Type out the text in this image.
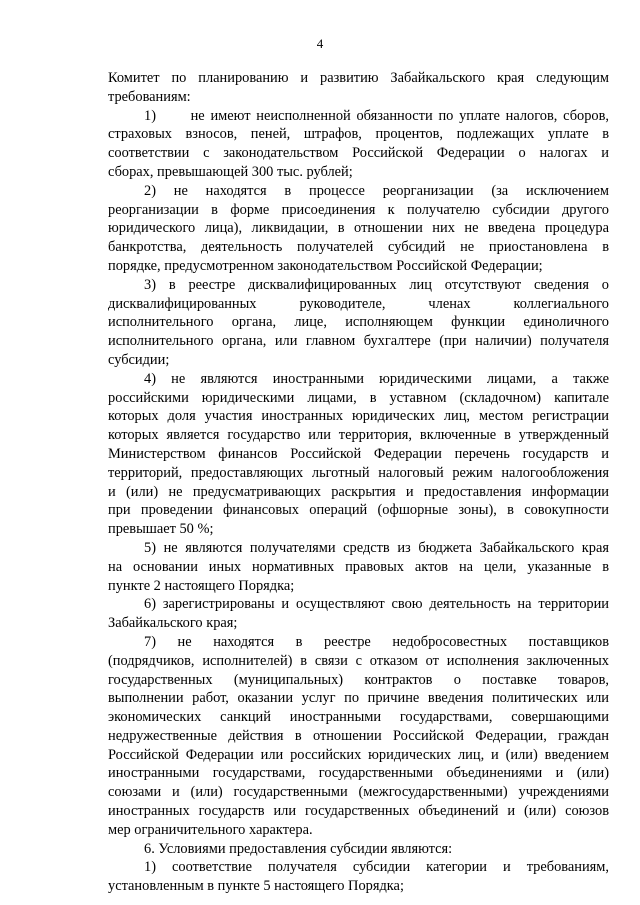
4
Комитет по планированию и развитию Забайкальского края следующим
требованиям:
1)      не имеют неисполненной обязанности по уплате налогов, сборов,
страховых взносов, пеней, штрафов, процентов, подлежащих уплате в
соответствии с законодательством Российской Федерации о налогах и
сборах, превышающей 300 тыс. рублей;
2) не находятся в процессе реорганизации (за исключением
реорганизации в форме присоединения к получателю субсидии другого
юридического лица), ликвидации, в отношении них не введена процедура
банкротства, деятельность получателей субсидий не приостановлена в
порядке, предусмотренном законодательством Российской Федерации;
3) в реестре дисквалифицированных лиц отсутствуют сведения о
дисквалифицированных руководителе, членах коллегиального
исполнительного органа, лице, исполняющем функции единоличного
исполнительного органа, или главном бухгалтере (при наличии) получателя
субсидии;
4) не являются иностранными юридическими лицами, а также
российскими юридическими лицами, в уставном (складочном) капитале
которых доля участия иностранных юридических лиц, местом регистрации
которых является государство или территория, включенные в утвержденный
Министерством финансов Российской Федерации перечень государств и
территорий, предоставляющих льготный налоговый режим налогообложения
и (или) не предусматривающих раскрытия и предоставления информации
при проведении финансовых операций (офшорные зоны), в совокупности
превышает 50 %;
5) не являются получателями средств из бюджета Забайкальского края
на основании иных нормативных правовых актов на цели, указанные в
пункте 2 настоящего Порядка;
6) зарегистрированы и осуществляют свою деятельность на территории
Забайкальского края;
7) не находятся в реестре недобросовестных поставщиков
(подрядчиков, исполнителей) в связи с отказом от исполнения заключенных
государственных (муниципальных) контрактов о поставке товаров,
выполнении работ, оказании услуг по причине введения политических или
экономических санкций иностранными государствами, совершающими
недружественные действия в отношении Российской Федерации, граждан
Российской Федерации или российских юридических лиц, и (или) введением
иностранными государствами, государственными объединениями и (или)
союзами и (или) государственными (межгосударственными) учреждениями
иностранных государств или государственных объединений и (или) союзов
мер ограничительного характера.
6. Условиями предоставления субсидии являются:
1) соответствие получателя субсидии категории и требованиям,
установленным в пункте 5 настоящего Порядка;
